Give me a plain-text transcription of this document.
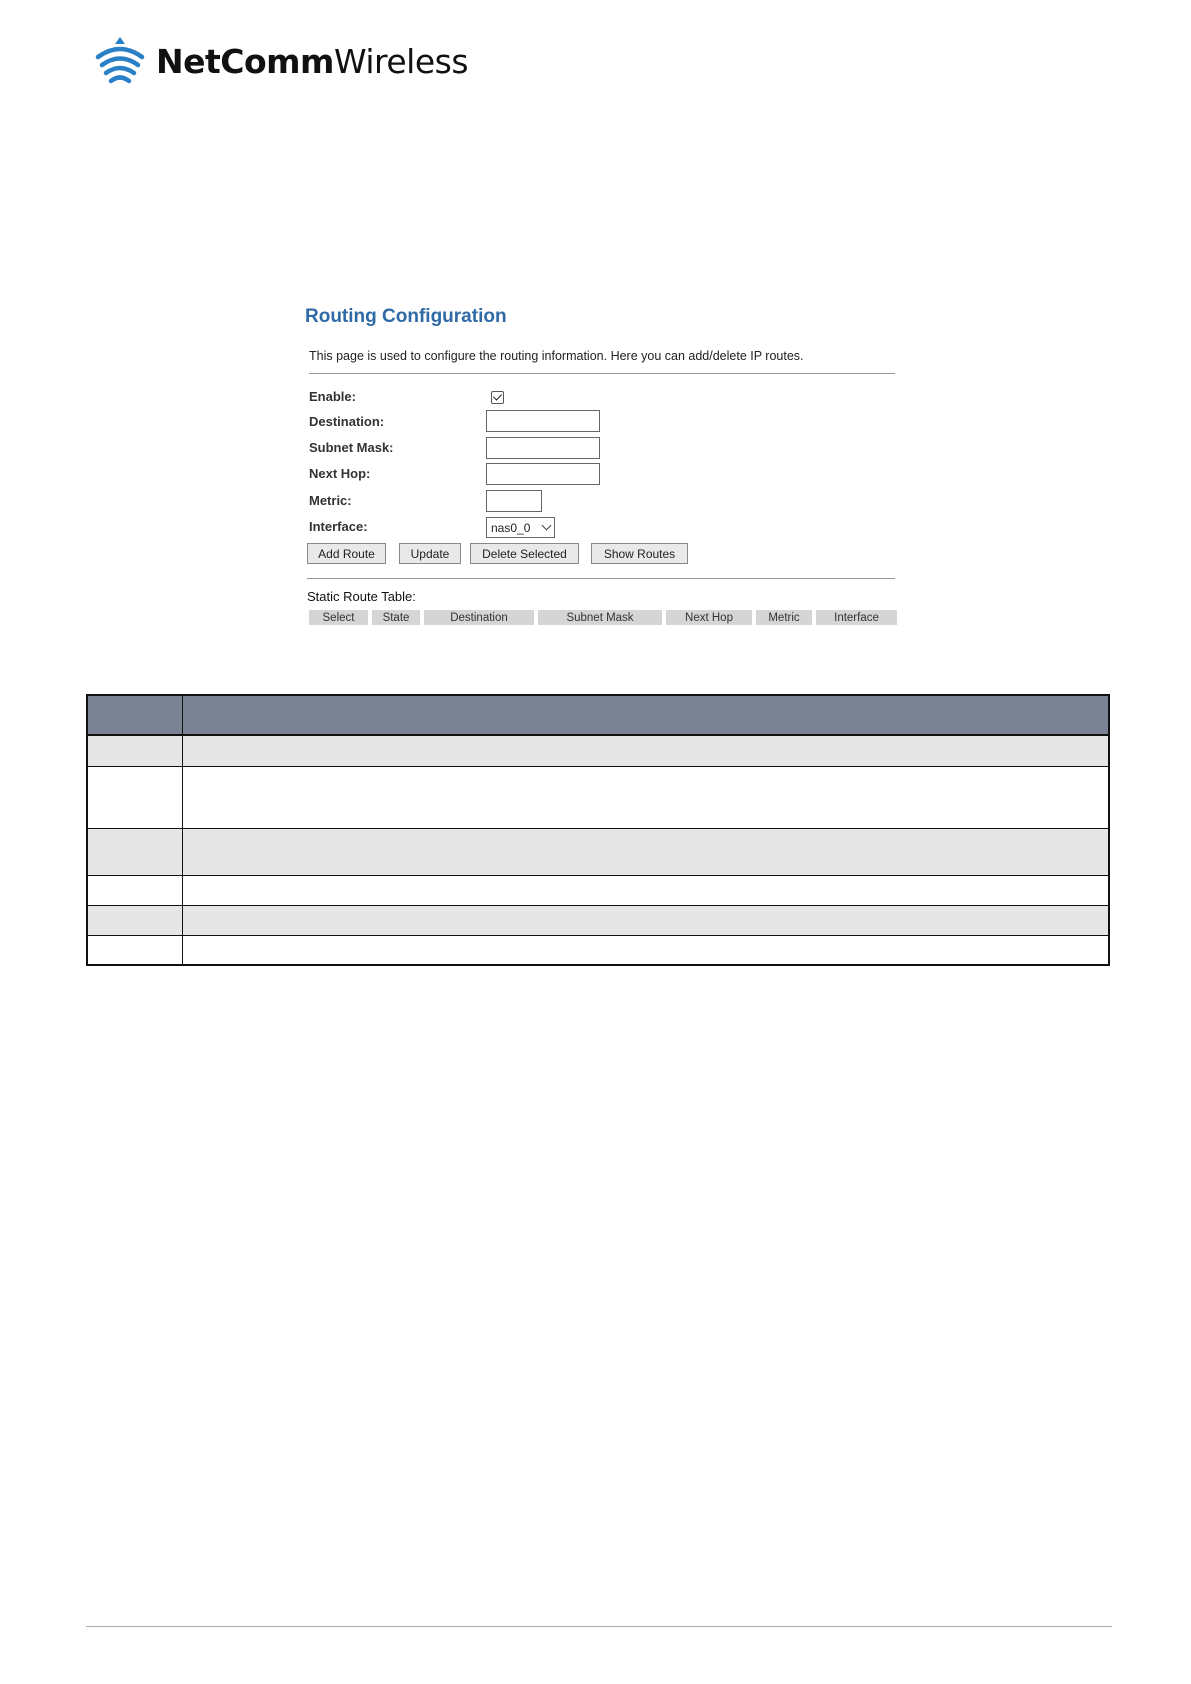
NetCommWireless
Routing Configuration
This page is used to configure the routing information. Here you can add/delete IP routes.
Enable:
Destination:
Subnet Mask:
Next Hop:
Metric:
Interface:	nas0_0
Add Route	Update	Delete Selected	Show Routes
Static Route Table:
Select	State	Destination	Subnet Mask	Next Hop	Metric	Interface
